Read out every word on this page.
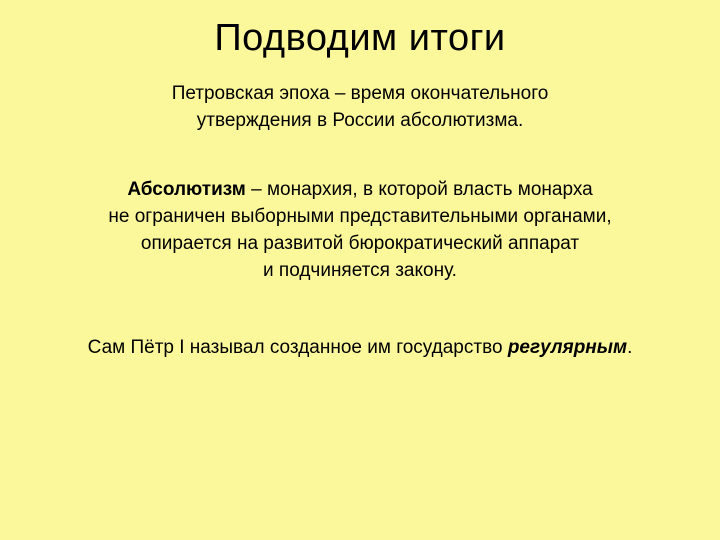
Подводим итоги
Петровская эпоха – время окончательного
утверждения в России абсолютизма.
Абсолютизм – монархия, в которой власть монарха
не ограничен выборными представительными органами,
опирается на развитой бюрократический аппарат
и подчиняется закону.
Сам Пётр I называл созданное им государство регулярным.
